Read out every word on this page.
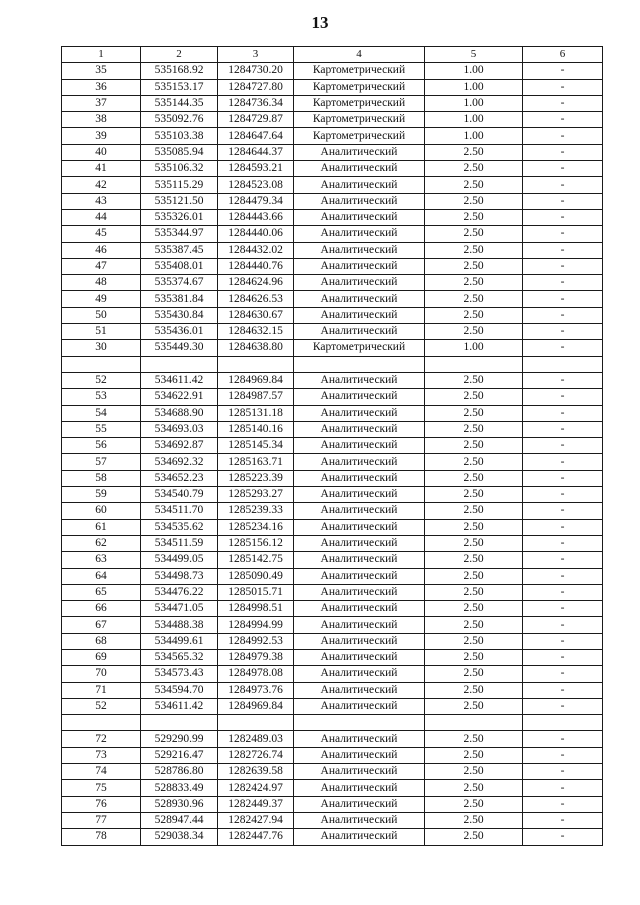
13
1	2	3	4	5	6
35	535168.92	1284730.20	Картометрический	1.00	-
36	535153.17	1284727.80	Картометрический	1.00	-
37	535144.35	1284736.34	Картометрический	1.00	-
38	535092.76	1284729.87	Картометрический	1.00	-
39	535103.38	1284647.64	Картометрический	1.00	-
40	535085.94	1284644.37	Аналитический	2.50	-
41	535106.32	1284593.21	Аналитический	2.50	-
42	535115.29	1284523.08	Аналитический	2.50	-
43	535121.50	1284479.34	Аналитический	2.50	-
44	535326.01	1284443.66	Аналитический	2.50	-
45	535344.97	1284440.06	Аналитический	2.50	-
46	535387.45	1284432.02	Аналитический	2.50	-
47	535408.01	1284440.76	Аналитический	2.50	-
48	535374.67	1284624.96	Аналитический	2.50	-
49	535381.84	1284626.53	Аналитический	2.50	-
50	535430.84	1284630.67	Аналитический	2.50	-
51	535436.01	1284632.15	Аналитический	2.50	-
30	535449.30	1284638.80	Картометрический	1.00	-

52	534611.42	1284969.84	Аналитический	2.50	-
53	534622.91	1284987.57	Аналитический	2.50	-
54	534688.90	1285131.18	Аналитический	2.50	-
55	534693.03	1285140.16	Аналитический	2.50	-
56	534692.87	1285145.34	Аналитический	2.50	-
57	534692.32	1285163.71	Аналитический	2.50	-
58	534652.23	1285223.39	Аналитический	2.50	-
59	534540.79	1285293.27	Аналитический	2.50	-
60	534511.70	1285239.33	Аналитический	2.50	-
61	534535.62	1285234.16	Аналитический	2.50	-
62	534511.59	1285156.12	Аналитический	2.50	-
63	534499.05	1285142.75	Аналитический	2.50	-
64	534498.73	1285090.49	Аналитический	2.50	-
65	534476.22	1285015.71	Аналитический	2.50	-
66	534471.05	1284998.51	Аналитический	2.50	-
67	534488.38	1284994.99	Аналитический	2.50	-
68	534499.61	1284992.53	Аналитический	2.50	-
69	534565.32	1284979.38	Аналитический	2.50	-
70	534573.43	1284978.08	Аналитический	2.50	-
71	534594.70	1284973.76	Аналитический	2.50	-
52	534611.42	1284969.84	Аналитический	2.50	-

72	529290.99	1282489.03	Аналитический	2.50	-
73	529216.47	1282726.74	Аналитический	2.50	-
74	528786.80	1282639.58	Аналитический	2.50	-
75	528833.49	1282424.97	Аналитический	2.50	-
76	528930.96	1282449.37	Аналитический	2.50	-
77	528947.44	1282427.94	Аналитический	2.50	-
78	529038.34	1282447.76	Аналитический	2.50	-
